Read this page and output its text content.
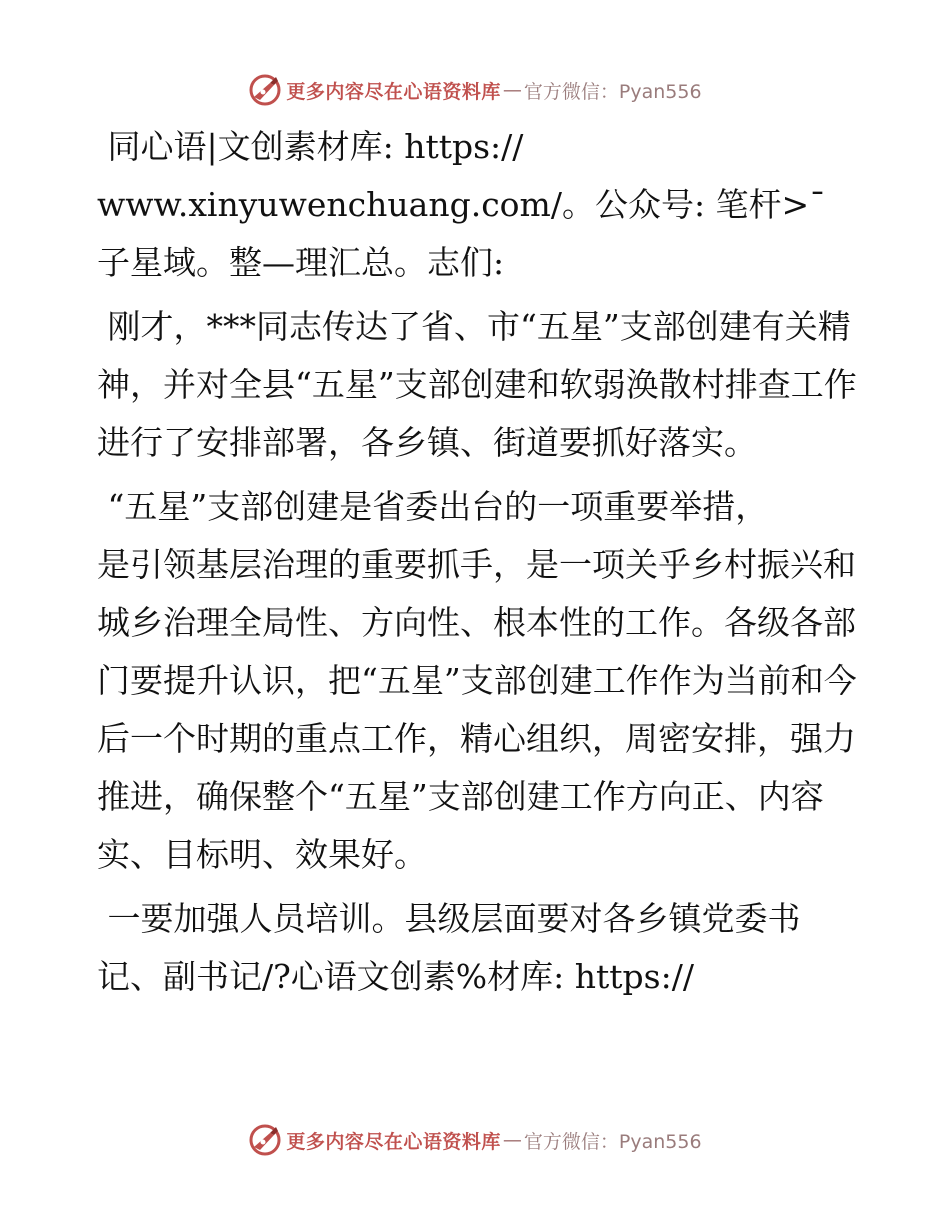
更多内容尽在心语资料库 — 官方微信：Pyan556

同心语|文创素材库: https://
www.xinyuwenchuang.com/。公众号: 笔杆>¯子星域。整—理汇总。志们:

刚才，***同志传达了省、市“五星”支部创建有关精神，并对全县“五星”支部创建和软弱涣散村排查工作进行了安排部署，各乡镇、街道要抓好落实。

“五星”支部创建是省委出台的一项重要举措，
是引领基层治理的重要抓手，是一项关乎乡村振兴和城乡治理全局性、方向性、根本性的工作。各级各部门要提升认识，把“五星”支部创建工作作为当前和今后一个时期的重点工作，精心组织，周密安排，强力推进，确保整个“五星”支部创建工作方向正、内容实、目标明、效果好。

一要加强人员培训。县级层面要对各乡镇党委书记、副书记/?心语文创素%材库: https://

更多内容尽在心语资料库 — 官方微信：Pyan556
